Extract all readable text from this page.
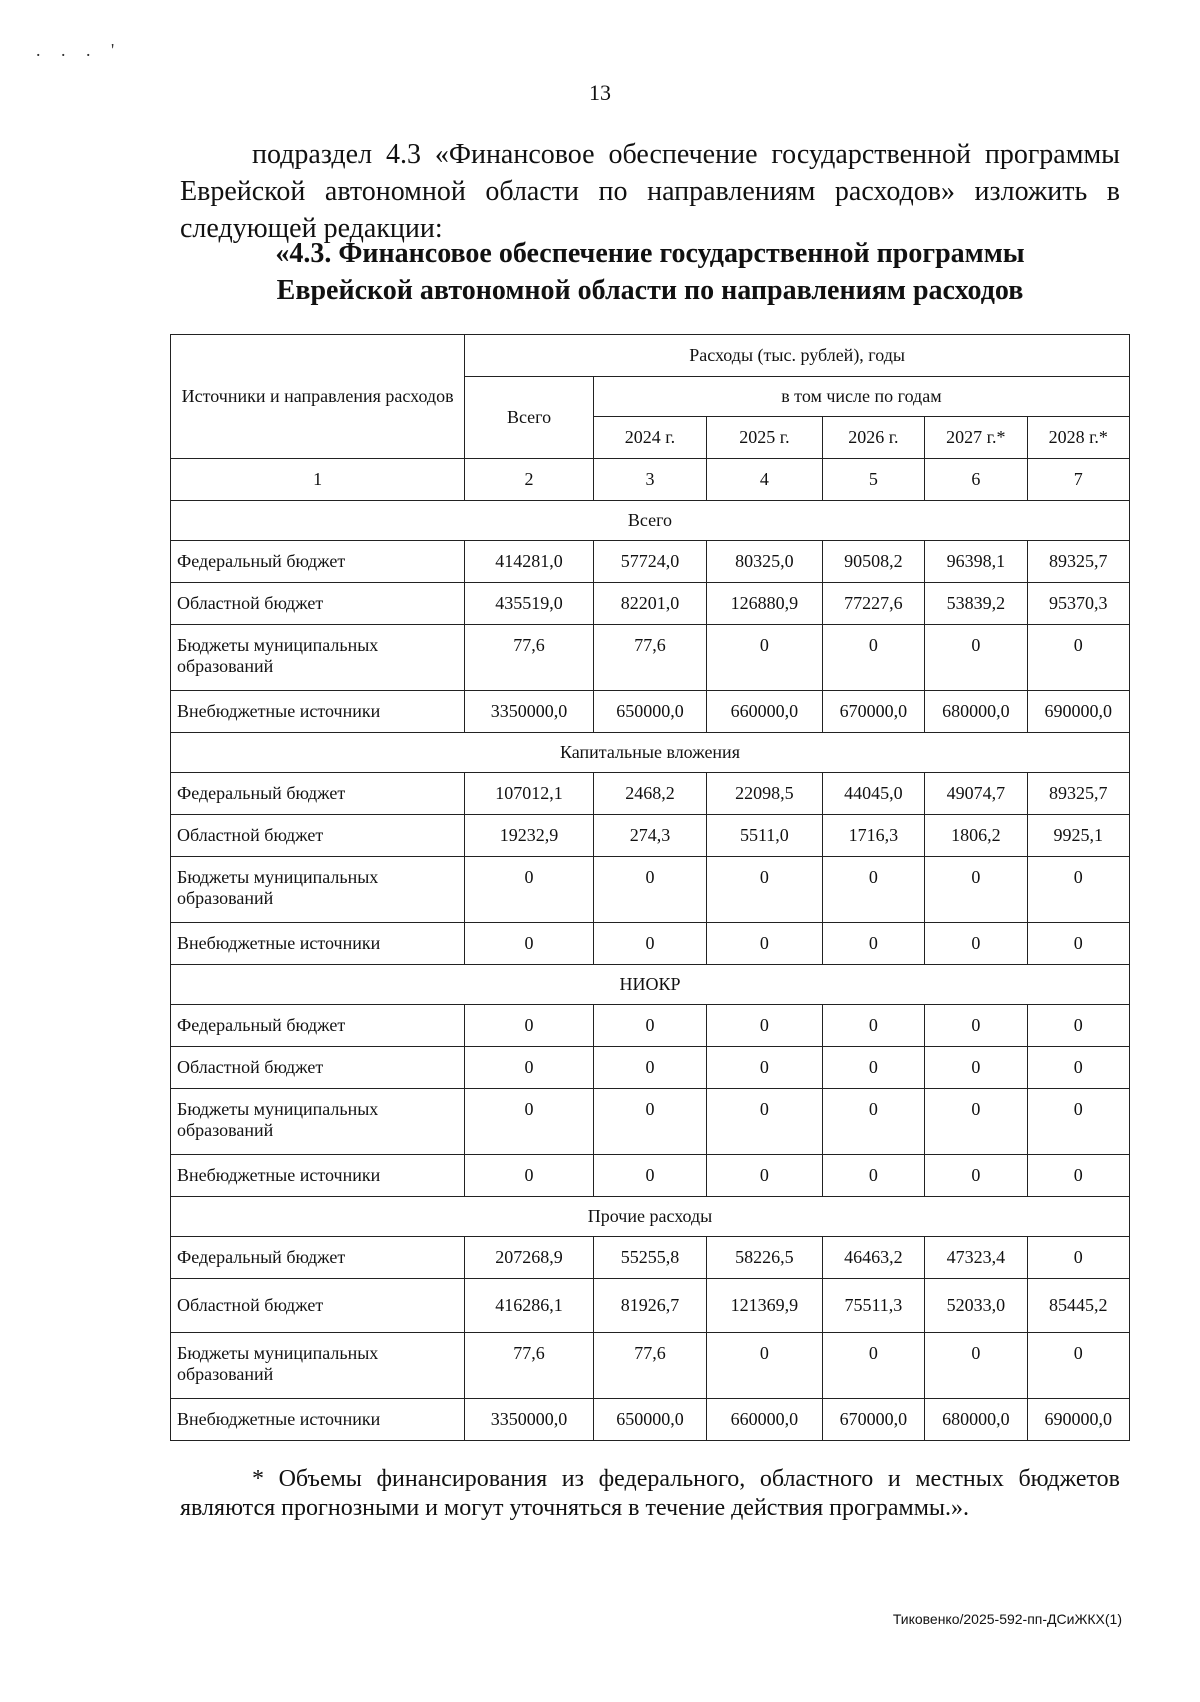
. . . '
13

подраздел 4.3 «Финансовое обеспечение государственной программы Еврейской автономной области по направлениям расходов» изложить в следующей редакции:

«4.3. Финансовое обеспечение государственной программы
Еврейской автономной области по направлениям расходов
Источники и направления расходов	Расходы (тыс. рублей), годы					
	Всего	в том числе по годам				
		2024 г.	2025 г.	2026 г.	2027 г.*	2028 г.*
1	2	3	4	5	6	7
Всего						
Федеральный бюджет	414281,0	57724,0	80325,0	90508,2	96398,1	89325,7
Областной бюджет	435519,0	82201,0	126880,9	77227,6	53839,2	95370,3
Бюджеты муниципальных образований	77,6	77,6	0	0	0	0
Внебюджетные источники	3350000,0	650000,0	660000,0	670000,0	680000,0	690000,0
Капитальные вложения						
Федеральный бюджет	107012,1	2468,2	22098,5	44045,0	49074,7	89325,7
Областной бюджет	19232,9	274,3	5511,0	1716,3	1806,2	9925,1
Бюджеты муниципальных образований	0	0	0	0	0	0
Внебюджетные источники	0	0	0	0	0	0
НИОКР						
Федеральный бюджет	0	0	0	0	0	0
Областной бюджет	0	0	0	0	0	0
Бюджеты муниципальных образований	0	0	0	0	0	0
Внебюджетные источники	0	0	0	0	0	0
Прочие расходы						
Федеральный бюджет	207268,9	55255,8	58226,5	46463,2	47323,4	0
Областной бюджет	416286,1	81926,7	121369,9	75511,3	52033,0	85445,2
Бюджеты муниципальных образований	77,6	77,6	0	0	0	0
Внебюджетные источники	3350000,0	650000,0	660000,0	670000,0	680000,0	690000,0

* Объемы финансирования из федерального, областного и местных бюджетов являются прогнозными и могут уточняться в течение действия программы.».

Тиковенко/2025-592-пп-ДСиЖКХ(1)
